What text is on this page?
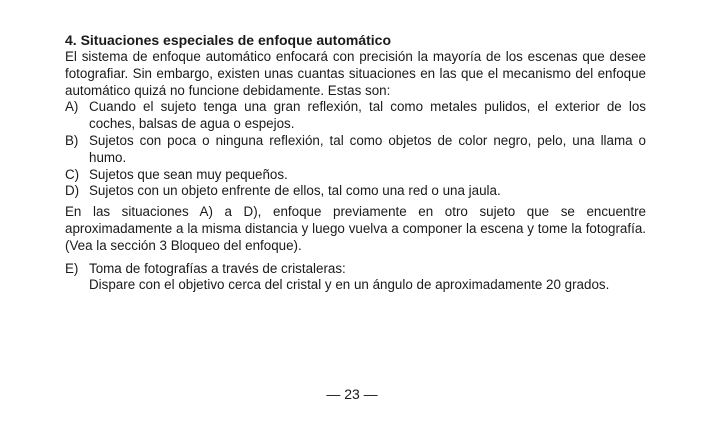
4. Situaciones especiales de enfoque automático

El sistema de enfoque automático enfocará con precisión la mayoría de los escenas que desee fotografiar. Sin embargo, existen unas cuantas situaciones en las que el mecanismo del enfoque automático quizá no funcione debidamente. Estas son:

A) Cuando el sujeto tenga una gran reflexión, tal como metales pulidos, el exterior de los coches, balsas de agua o espejos.
B) Sujetos con poca o ninguna reflexión, tal como objetos de color negro, pelo, una llama o humo.
C) Sujetos que sean muy pequeños.
D) Sujetos con un objeto enfrente de ellos, tal como una red o una jaula.

En las situaciones A) a D), enfoque previamente en otro sujeto que se encuentre aproximadamente a la misma distancia y luego vuelva a componer la escena y tome la fotografía. (Vea la sección 3 Bloqueo del enfoque).

E) Toma de fotografías a través de cristaleras:
Dispare con el objetivo cerca del cristal y en un ángulo de aproximadamente 20 grados.
— 23 —
